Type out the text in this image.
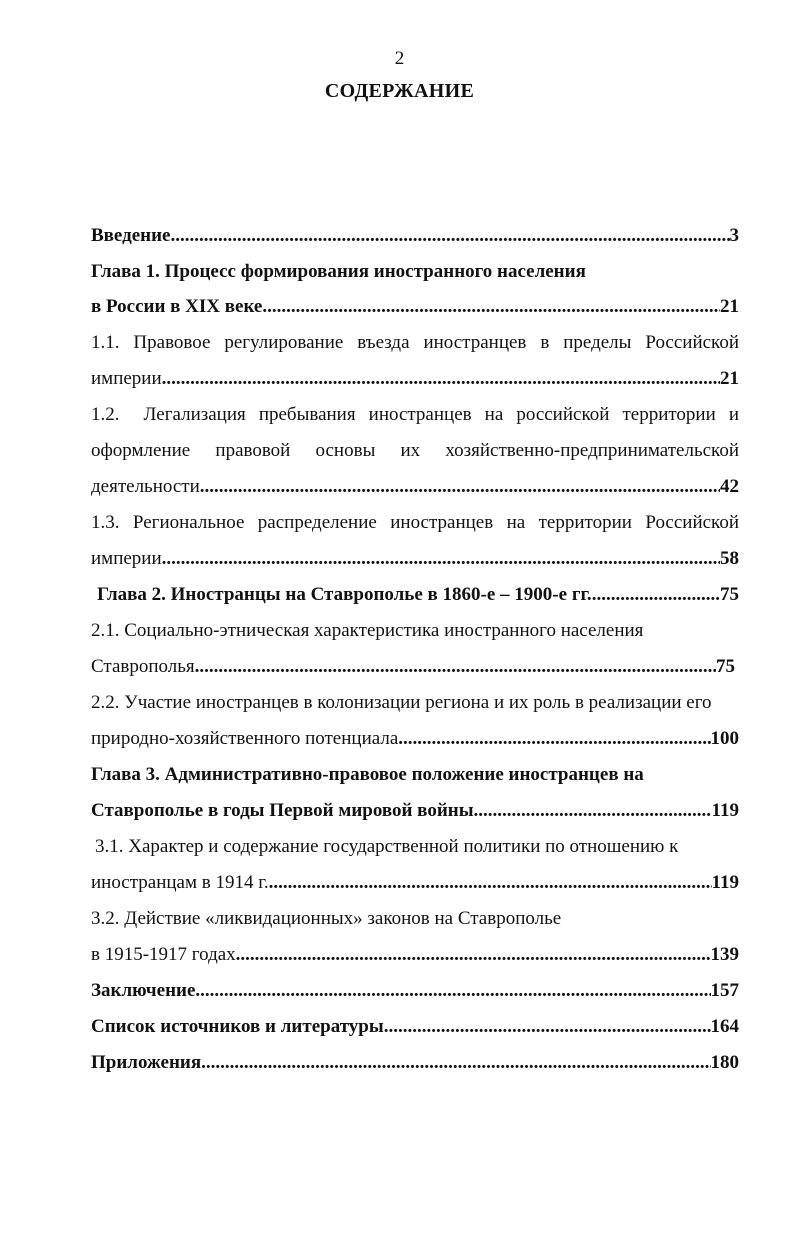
2
СОДЕРЖАНИЕ
Введение .....	3
Глава 1. Процесс формирования иностранного населения
в России в XIX веке .....	21
1.1. Правовое регулирование въезда иностранцев в пределы Российской
империи .....	21
1.2. Легализация пребывания иностранцев на российской территории и
оформление правовой основы их хозяйственно-предпринимательской
деятельности .....	42
1.3. Региональное распределение иностранцев на территории Российской
империи .....	58
Глава 2. Иностранцы на Ставрополье в 1860-е – 1900-е гг. .....	75
2.1. Социально-этническая характеристика иностранного населения
Ставрополья .....	75
2.2. Участие иностранцев в колонизации региона и их роль в реализации его
природно-хозяйственного потенциала .....	100
Глава 3. Административно-правовое положение иностранцев на
Ставрополье в годы Первой мировой войны. .....	119
3.1. Характер и содержание государственной политики по отношению к
иностранцам в 1914 г. .....	119
3.2. Действие «ликвидационных» законов на Ставрополье
в 1915-1917 годах .....	139
Заключение .....	157
Список источников и литературы .....	164
Приложения .....	180
